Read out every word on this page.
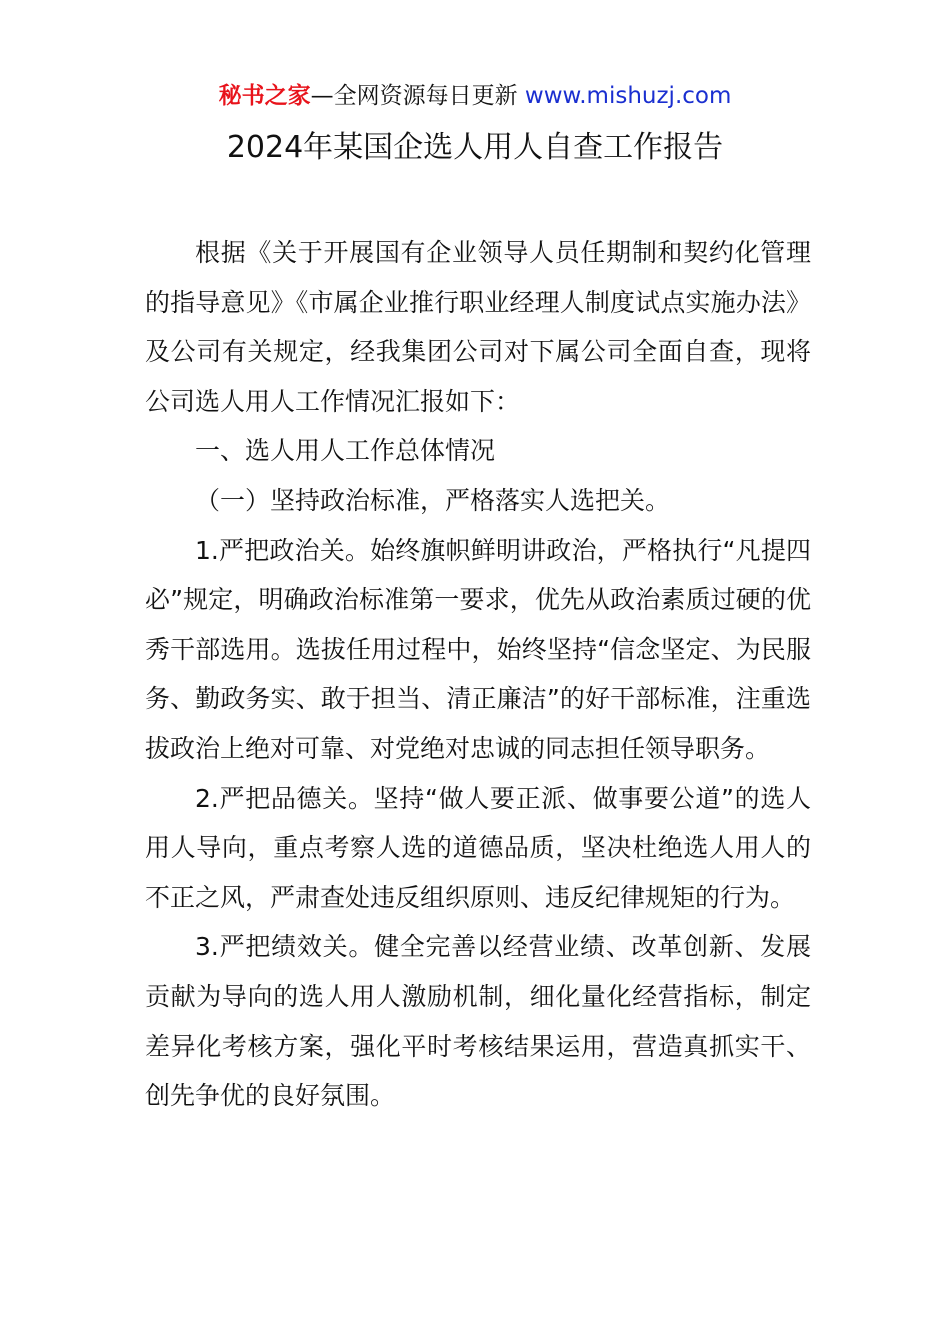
秘书之家—全网资源每日更新 www.mishuzj.com
2024年某国企选人用人自查工作报告

根据《关于开展国有企业领导人员任期制和契约化管理的指导意见》《市属企业推行职业经理人制度试点实施办法》及公司有关规定，经我集团公司对下属公司全面自查，现将公司选人用人工作情况汇报如下：

一、选人用人工作总体情况

（一）坚持政治标准，严格落实人选把关。

1.严把政治关。始终旗帜鲜明讲政治，严格执行“凡提四必”规定，明确政治标准第一要求，优先从政治素质过硬的优秀干部选用。选拔任用过程中，始终坚持“信念坚定、为民服务、勤政务实、敢于担当、清正廉洁”的好干部标准，注重选拔政治上绝对可靠、对党绝对忠诚的同志担任领导职务。

2.严把品德关。坚持“做人要正派、做事要公道”的选人用人导向，重点考察人选的道德品质，坚决杜绝选人用人的不正之风，严肃查处违反组织原则、违反纪律规矩的行为。

3.严把绩效关。健全完善以经营业绩、改革创新、发展贡献为导向的选人用人激励机制，细化量化经营指标，制定差异化考核方案，强化平时考核结果运用，营造真抓实干、创先争优的良好氛围。
